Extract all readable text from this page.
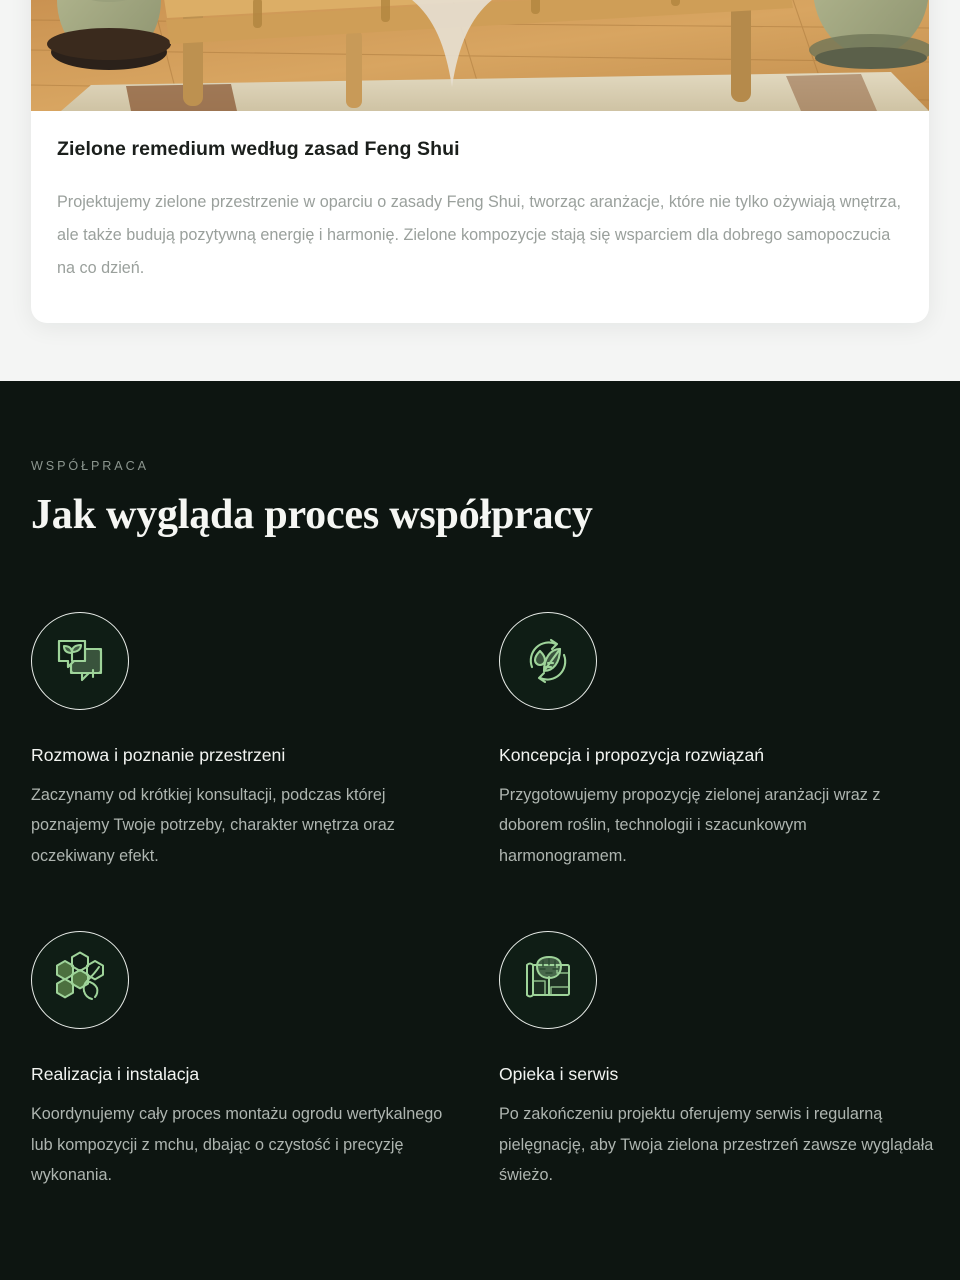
Zielone remedium według zasad Feng Shui

Projektujemy zielone przestrzenie w oparciu o zasady Feng Shui, tworząc aranżacje, które nie tylko ożywiają wnętrza, ale także budują pozytywną energię i harmonię. Zielone kompozycje stają się wsparciem dla dobrego samopoczucia na co dzień.

WSPÓŁPRACA
Jak wygląda proces współpracy
Rozmowa i poznanie przestrzeni

Zaczynamy od krótkiej konsultacji, podczas której poznajemy Twoje potrzeby, charakter wnętrza oraz oczekiwany efekt.

Koncepcja i propozycja rozwiązań

Przygotowujemy propozycję zielonej aranżacji wraz z doborem roślin, technologii i szacunkowym harmonogramem.

Realizacja i instalacja

Koordynujemy cały proces montażu ogrodu wertykalnego lub kompozycji z mchu, dbając o czystość i precyzję wykonania.

Opieka i serwis

Po zakończeniu projektu oferujemy serwis i regularną pielęgnację, aby Twoja zielona przestrzeń zawsze wyglądała świeżo.
